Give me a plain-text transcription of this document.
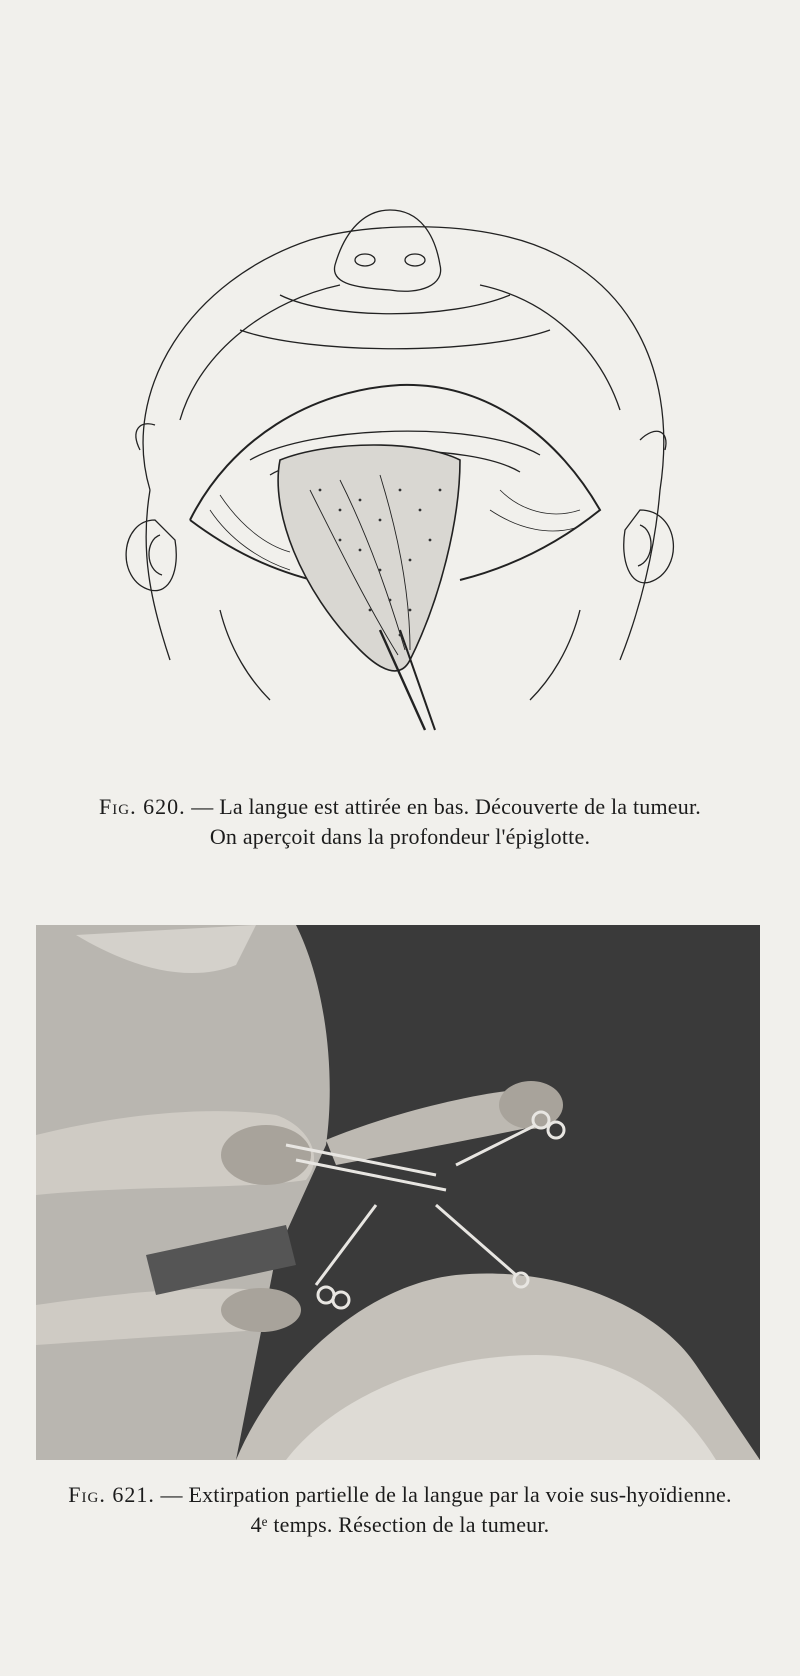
Fig. 620. — La langue est attirée en bas. Découverte de la tumeur.
On aperçoit dans la profondeur l'épiglotte.
Fig. 621. — Extirpation partielle de la langue par la voie sus-hyoïdienne.
4ᵉ temps. Résection de la tumeur.
